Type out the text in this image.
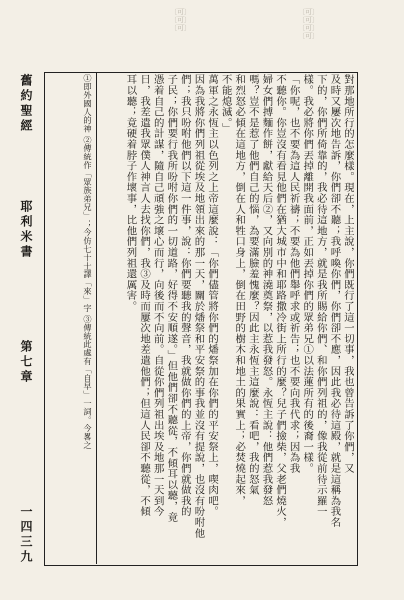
〔可〕
〔可〕
〔可〕
〔可〕
〔可〕
〔可〕
〔可〕

對那地所行的怎麼樣。現在，上主說，你們既行了這一切事，我也曾告訴了你們，又

及時又屢次地告訴，你們卻不聽；我呼喚你們，你們卻不應，因此我必待這殿，就是這稱為我名

下的，你們所倚靠的，我必待這地方，就是我所賜給你們、和你們列祖的，像我從前待示羅一

樣。我必將你們丟掉離開我面前，正如丟掉你們的眾弟兄①以法蓮所有的後裔一樣。

「你呢，也不要為這人民祈禱；不要為他們舉呼求或祈告；也不要向我代求；因為我

不聽你。你豈沒有看見他們在猶大城市中和耶路撒冷街上所行的麼？兒子們撿柴，父老們燒火，

婦女們搏麵作餅，獻給天后②，又向別的神澆奠祭，以惹我發怒。永恆主說：他們惹我發怒

嗎？豈不是惹了他們自己的惱，為要滿臉羞愧麼？因此主永恆主這麼說：看吧，我的怒氣

和烈怒必傾在這地方，倒在人和牲口身上，倒在田野的樹木和地土的果實上；必焚燒起來，

不能熄滅。」

萬軍之永恆主以色列之上帝這麼說：「你們儘管將你們的燔祭加在你們的平安祭上，喫肉吧。

因為我將你們列祖從埃及地領出來的那一天，關於燔祭和平安祭的事我並沒有提說，也沒有吩咐他

們；我只吩咐他們以下這一件事，說：你們要聽我的聲音，我就做你們的上帝，你們就做我的

子民；你們要行我所吩咐你們的一切道路，好得不安順遂。」但他們卻不聽從，不傾耳以聽，竟

憑着自己的計謀，隨自己頑強之壞心而行，向後而不向前。自從你們列祖出埃及地那一天到今

日，我差遣我眾僕人神言人去找你們，我③及時而屢次地差遣他們；但這人民卻不聽從，不傾

耳以聽；竟硬着脖子作壞事，比他們列祖還厲害。

①即外國人的神 ②傳統作「眾族弟兄」；今仿七十士譯「來」字 ③傳統此處有「自早」一詞。今畧之

舊約聖經
耶利米書
第七章
一四三九
